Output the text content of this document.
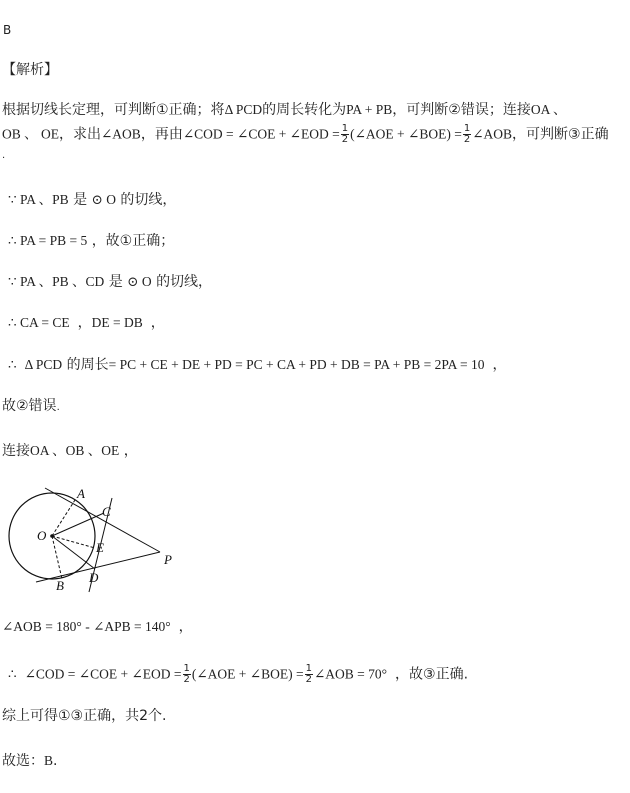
B
【解析】
根据切线长定理，可判断①正确；将Δ PCD的周长转化为PA + PB，可判断②错误；连接OA 、
OB 、 OE，求出∠AOB，再由∠COD = ∠COE + ∠EOD = $\frac{1}{2}$ (∠AOE + ∠BOE) = $\frac{1}{2}$ ∠AOB，可判断③正确
.
∵ PA 、PB 是 ⊙ O 的切线，
∴ PA = PB = 5 ，故①正确；
∵ PA 、PB 、CD 是 ⊙ O 的切线，
∴ CA = CE ，DE = DB ，
∴ Δ PCD 的周长= PC + CE + DE + PD = PC + CA + PD + DB = PA + PB = 2PA = 10 ，
故②错误.
连接OA 、OB 、OE ，
A
C
O
E
P
D
B
∠AOB = 180° - ∠APB = 140° ，
∴ ∠COD = ∠COE + ∠EOD = $\frac{1}{2}$ (∠AOE + ∠BOE) = $\frac{1}{2}$ ∠AOB = 70° ，故③正确.
综上可得①③正确，共2个.
故选：B.
